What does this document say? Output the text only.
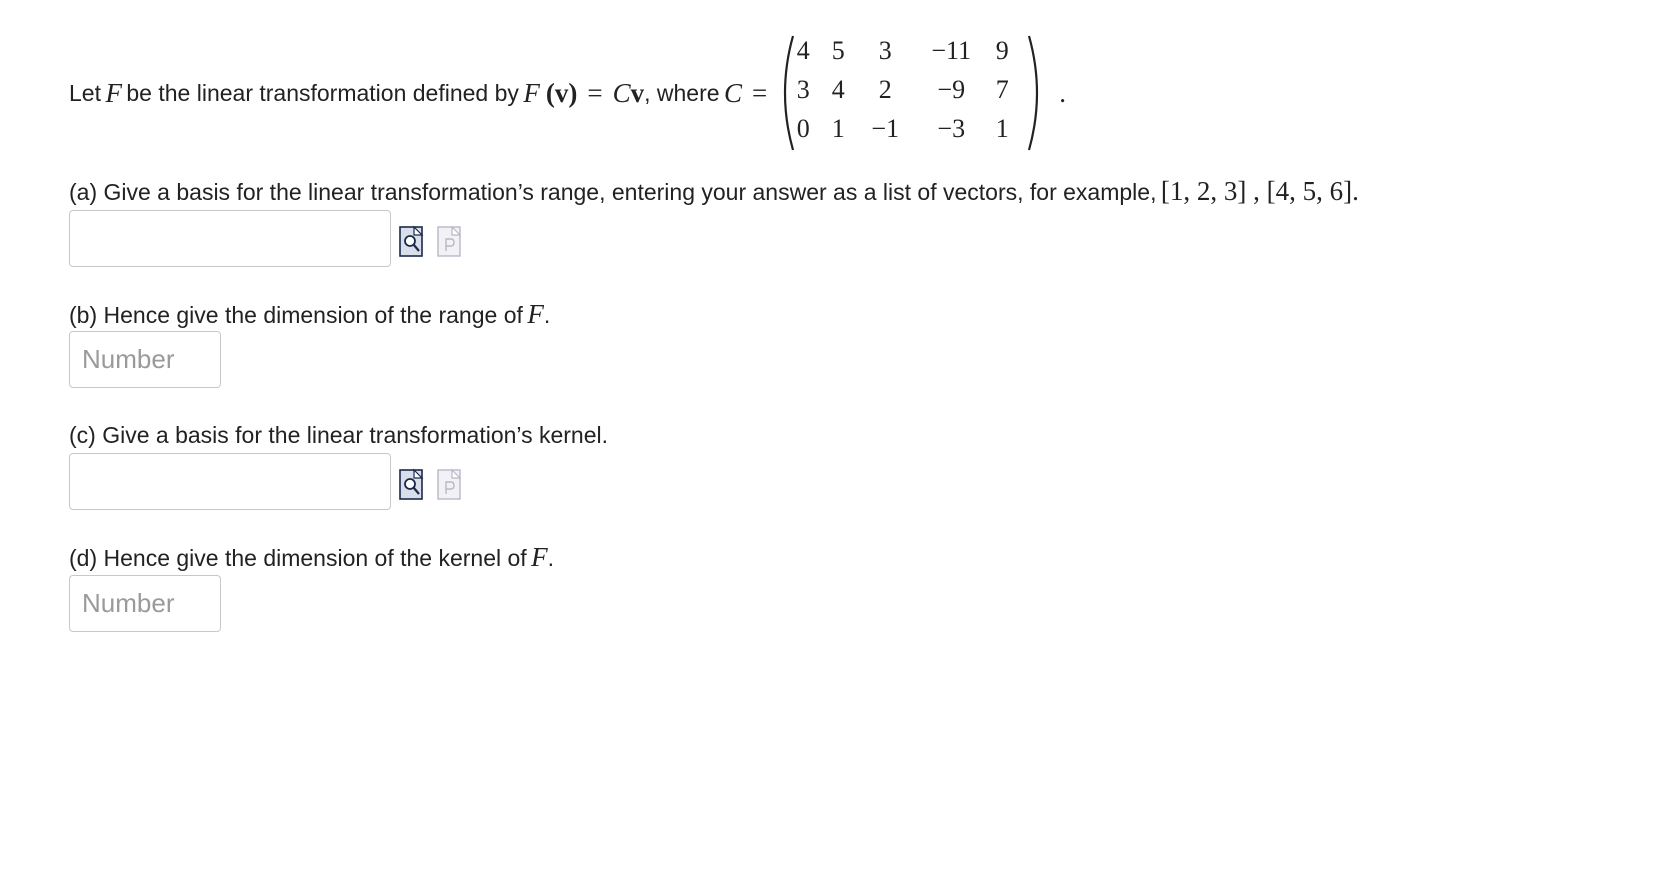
Let
F
be the linear transformation defined by
F (v) = C v , where
C =
4 5 3 −11 9
3 4 2 −9 7
0 1 −1 −3 1
.
(a) Give a basis for the linear transformation’s range, entering your answer as a list of vectors, for example, [1, 2, 3] , [4, 5, 6].
(b) Hence give the dimension of the range of F.
Number
(c) Give a basis for the linear transformation’s kernel.
(d) Hence give the dimension of the kernel of F.
Number
